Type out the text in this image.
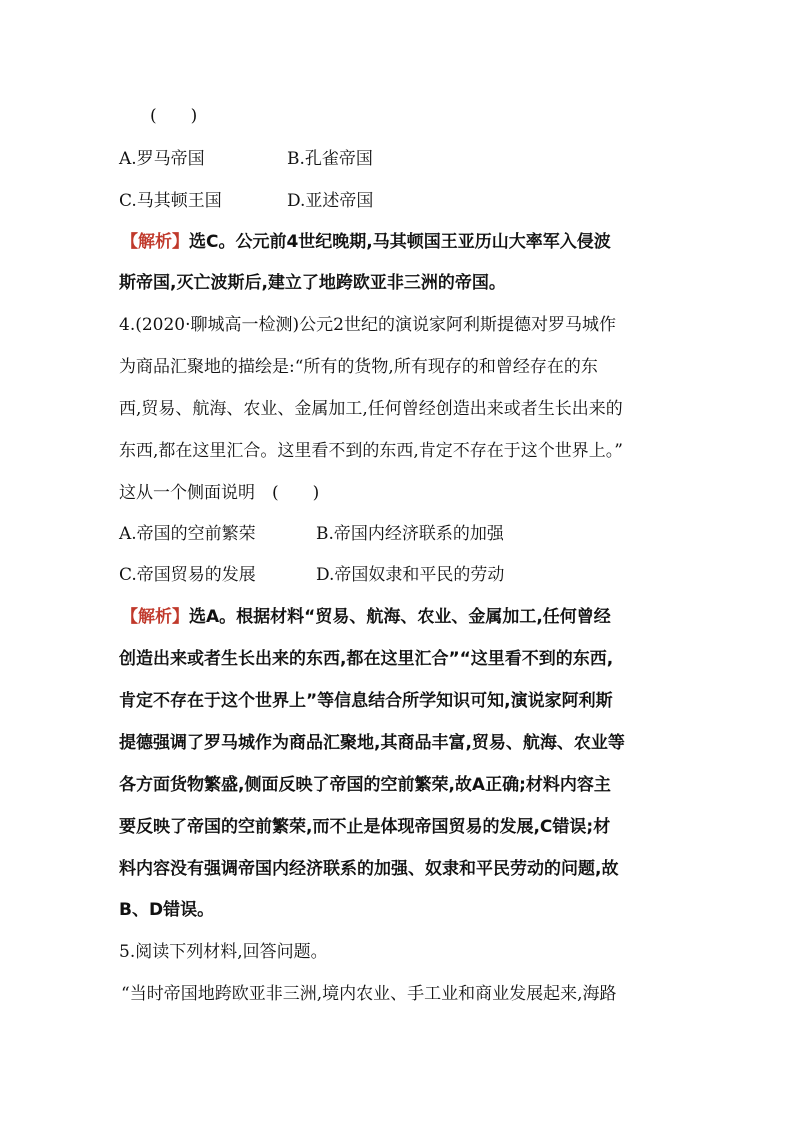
(　　)
A.罗马帝国	B.孔雀帝国
C.马其顿王国	D.亚述帝国
【解析】选C。公元前4世纪晚期,马其顿国王亚历山大率军入侵波
斯帝国,灭亡波斯后,建立了地跨欧亚非三洲的帝国。
4.(2020·聊城高一检测)公元2世纪的演说家阿利斯提德对罗马城作
为商品汇聚地的描绘是:“所有的货物,所有现存的和曾经存在的东
西,贸易、航海、农业、金属加工,任何曾经创造出来或者生长出来的
东西,都在这里汇合。这里看不到的东西,肯定不存在于这个世界上。”
这从一个侧面说明　(　　)
A.帝国的空前繁荣	B.帝国内经济联系的加强
C.帝国贸易的发展	D.帝国奴隶和平民的劳动
【解析】选A。根据材料“贸易、航海、农业、金属加工,任何曾经
创造出来或者生长出来的东西,都在这里汇合”“这里看不到的东西,
肯定不存在于这个世界上”等信息结合所学知识可知,演说家阿利斯
提德强调了罗马城作为商品汇聚地,其商品丰富,贸易、航海、农业等
各方面货物繁盛,侧面反映了帝国的空前繁荣,故A正确;材料内容主
要反映了帝国的空前繁荣,而不止是体现帝国贸易的发展,C错误;材
料内容没有强调帝国内经济联系的加强、奴隶和平民劳动的问题,故
B、D错误。
5.阅读下列材料,回答问题。
“当时帝国地跨欧亚非三洲,境内农业、手工业和商业发展起来,海路
